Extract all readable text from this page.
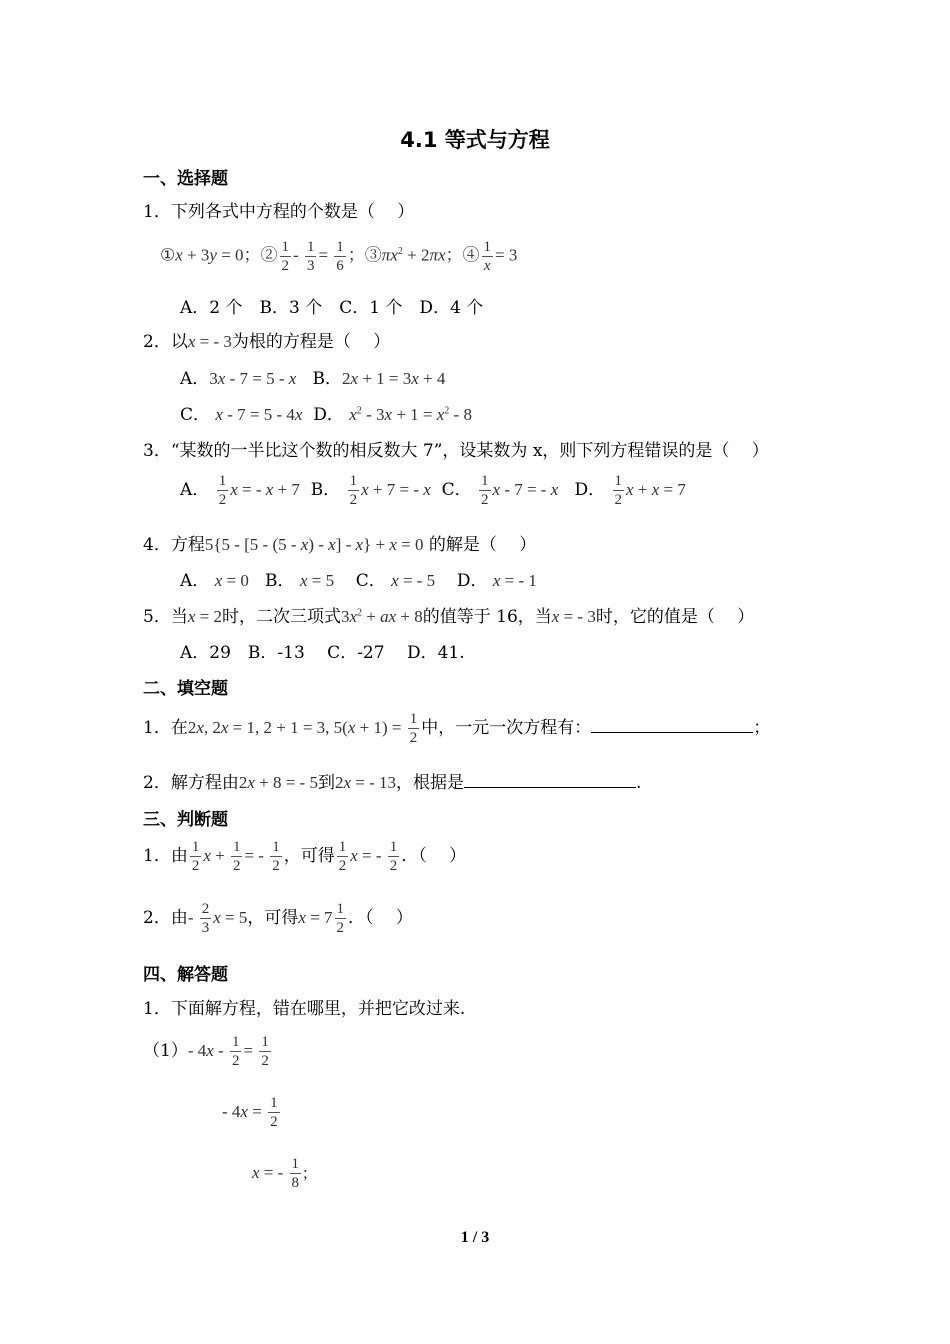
4.1 等式与方程
一、选择题
1．下列各式中方程的个数是（　 ）
①x + 3y = 0；② $\frac{1}{2} - \frac{1}{3} = \frac{1}{6}$ ；$③\pi x^2 + 2\pi x$；④ $\frac{1}{x} = 3$
A．2 个　B．3 个　C．1 个　D．4 个
2．以x = - 3为根的方程是（　 ）
A．3x - 7 = 5 - x B．2x + 1 = 3x + 4
C． x - 7 = 5 - 4x D． $x^2 - 3x + 1 = x^2 - 8$
3．“某数的一半比这个数的相反数大 7”，设某数为 x，则下列方程错误的是（　 ）
A． $\frac{1}{2}$ x = - x + 7 B． $\frac{1}{2}$ x + 7 = - x C． $\frac{1}{2}$ x - 7 = - x D． $\frac{1}{2}$ x + x = 7
4．方程5{5 - [5 - (5 - x) - x] - x} + x = 0 的解是（　 ）
A． x = 0 B． x = 5 C． x = - 5 D． x = - 1
5．当x = 2时，二次三项式$3x^2$ + ax + 8的值等于 16，当x = - 3时，它的值是（　 ）
A．29　B．-13　 C．-27　 D．41.
二、填空题
1．在2x, 2x = 1, 2 + 1 = 3, $5(x + 1) = \frac{1}{2}$ 中，一元一次方程有：	；
2．解方程由2x + 8 = - 5到2x = - 13，根据是	.
三、判断题
1．由 $\frac{1}{2}$ $x + \frac{1}{2}$ = - $\frac{1}{2}$ ，可得 $\frac{1}{2}$ x = - $\frac{1}{2}$ ．（　 ）
2．由- $\frac{2}{3}$ x = 5，可得$x = 7 \frac{1}{2}$ ．（　 ）
四、解答题
1．下面解方程，错在哪里，并把它改过来.
（1）- $4x - \frac{1}{2} = \frac{1}{2}$
- $4x = \frac{1}{2}$
x = - $\frac{1}{8}$ ;
1 / 3
